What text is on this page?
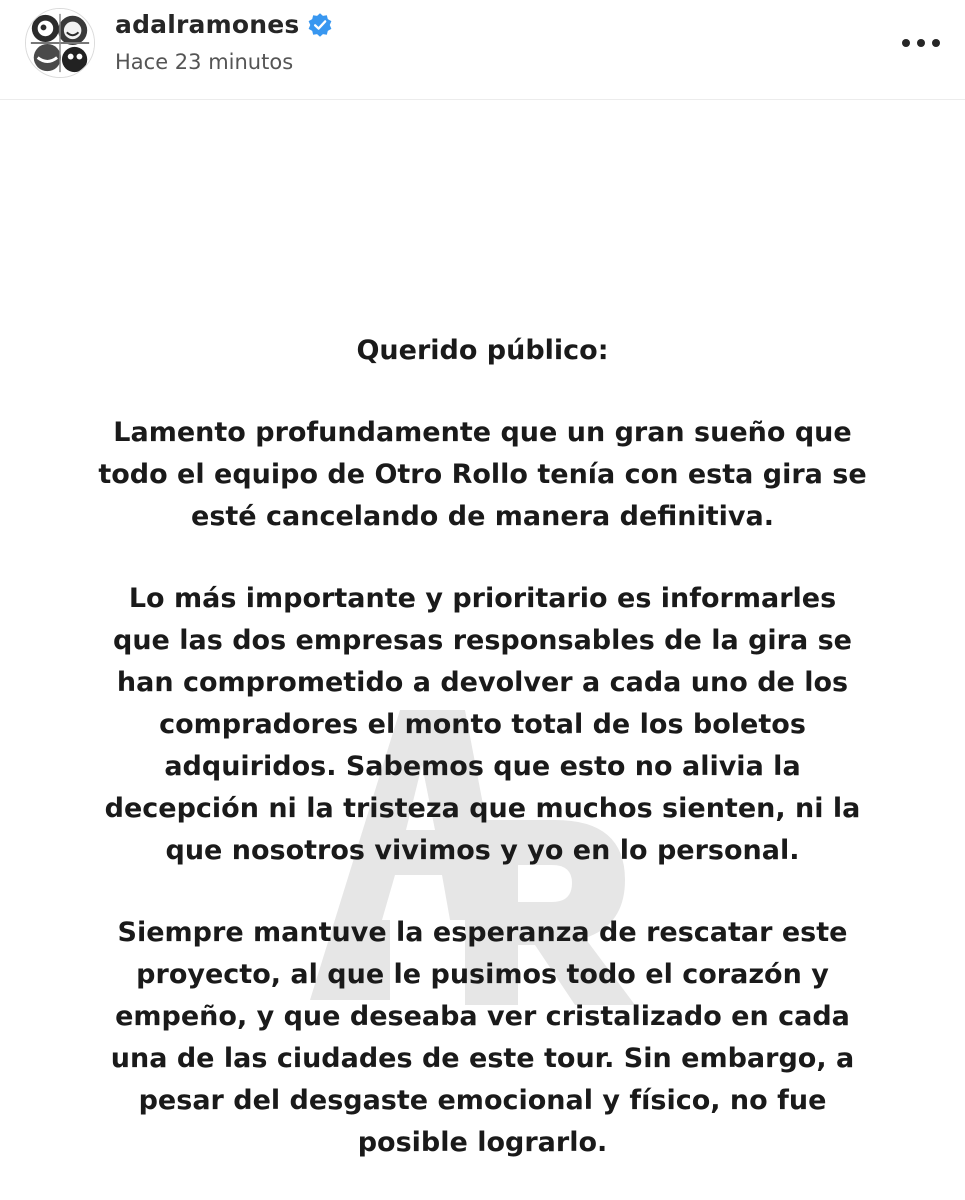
adalramones
Hace 23 minutos

Querido público:

Lamento profundamente que un gran sueño que
todo el equipo de Otro Rollo tenía con esta gira se
esté cancelando de manera definitiva.

Lo más importante y prioritario es informarles
que las dos empresas responsables de la gira se
han comprometido a devolver a cada uno de los
compradores el monto total de los boletos
adquiridos. Sabemos que esto no alivia la
decepción ni la tristeza que muchos sienten, ni la
que nosotros vivimos y yo en lo personal.

Siempre mantuve la esperanza de rescatar este
proyecto, al que le pusimos todo el corazón y
empeño, y que deseaba ver cristalizado en cada
una de las ciudades de este tour. Sin embargo, a
pesar del desgaste emocional y físico, no fue
posible lograrlo.
